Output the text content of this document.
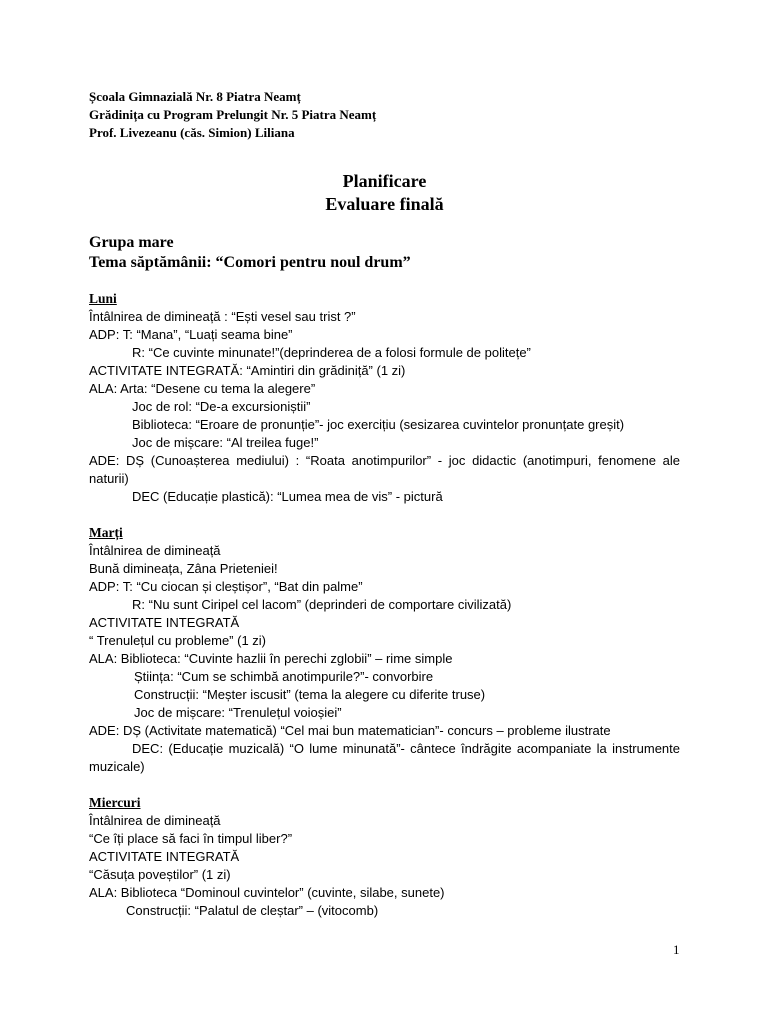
Școala Gimnazială Nr. 8 Piatra Neamț
Grădinița cu Program Prelungit Nr. 5 Piatra Neamț
Prof. Livezeanu (căs. Simion) Liliana
Planificare
Evaluare finală
Grupa mare
Tema săptămânii: “Comori pentru noul drum”
Luni
Întâlnirea de dimineață : “Ești vesel sau trist ?”
ADP: T: “Mana”, “Luați seama bine”
R: “Ce cuvinte minunate!”(deprinderea de a folosi formule de politețe”
ACTIVITATE INTEGRATĂ: “Amintiri din grădiniță” (1 zi)
ALA: Arta: “Desene cu tema la alegere”
Joc de rol: “De-a excursioniștii”
Biblioteca: “Eroare de pronunție”- joc exercițiu (sesizarea cuvintelor pronunțate greșit)
Joc de mișcare: “Al treilea fuge!”
ADE: DȘ (Cunoașterea mediului) : “Roata anotimpurilor” - joc didactic (anotimpuri, fenomene ale naturii)
DEC (Educație plastică): “Lumea mea de vis” - pictură
Marți
Întâlnirea de dimineață
Bună dimineața, Zâna Prieteniei!
ADP: T: “Cu ciocan și cleștișor”, “Bat din palme”
R: “Nu sunt Ciripel cel lacom” (deprinderi de comportare civilizată)
ACTIVITATE INTEGRATĂ
“ Trenulețul cu probleme” (1 zi)
ALA: Biblioteca: “Cuvinte hazlii în perechi zglobii” – rime simple
Știința: “Cum se schimbă anotimpurile?”- convorbire
Construcții: “Meșter iscusit” (tema la alegere cu diferite truse)
Joc de mișcare: “Trenulețul voioșiei”
ADE: DȘ (Activitate matematică) “Cel mai bun matematician”- concurs – probleme ilustrate
DEC: (Educație muzicală) “O lume minunată”- cântece îndrăgite acompaniate la instrumente muzicale)
Miercuri
Întâlnirea de dimineață
“Ce îți place să faci în timpul liber?”
ACTIVITATE INTEGRATĂ
“Căsuța poveștilor” (1 zi)
ALA: Biblioteca “Dominoul cuvintelor” (cuvinte, silabe, sunete)
Construcții: “Palatul de cleștar” – (vitocomb)
1
